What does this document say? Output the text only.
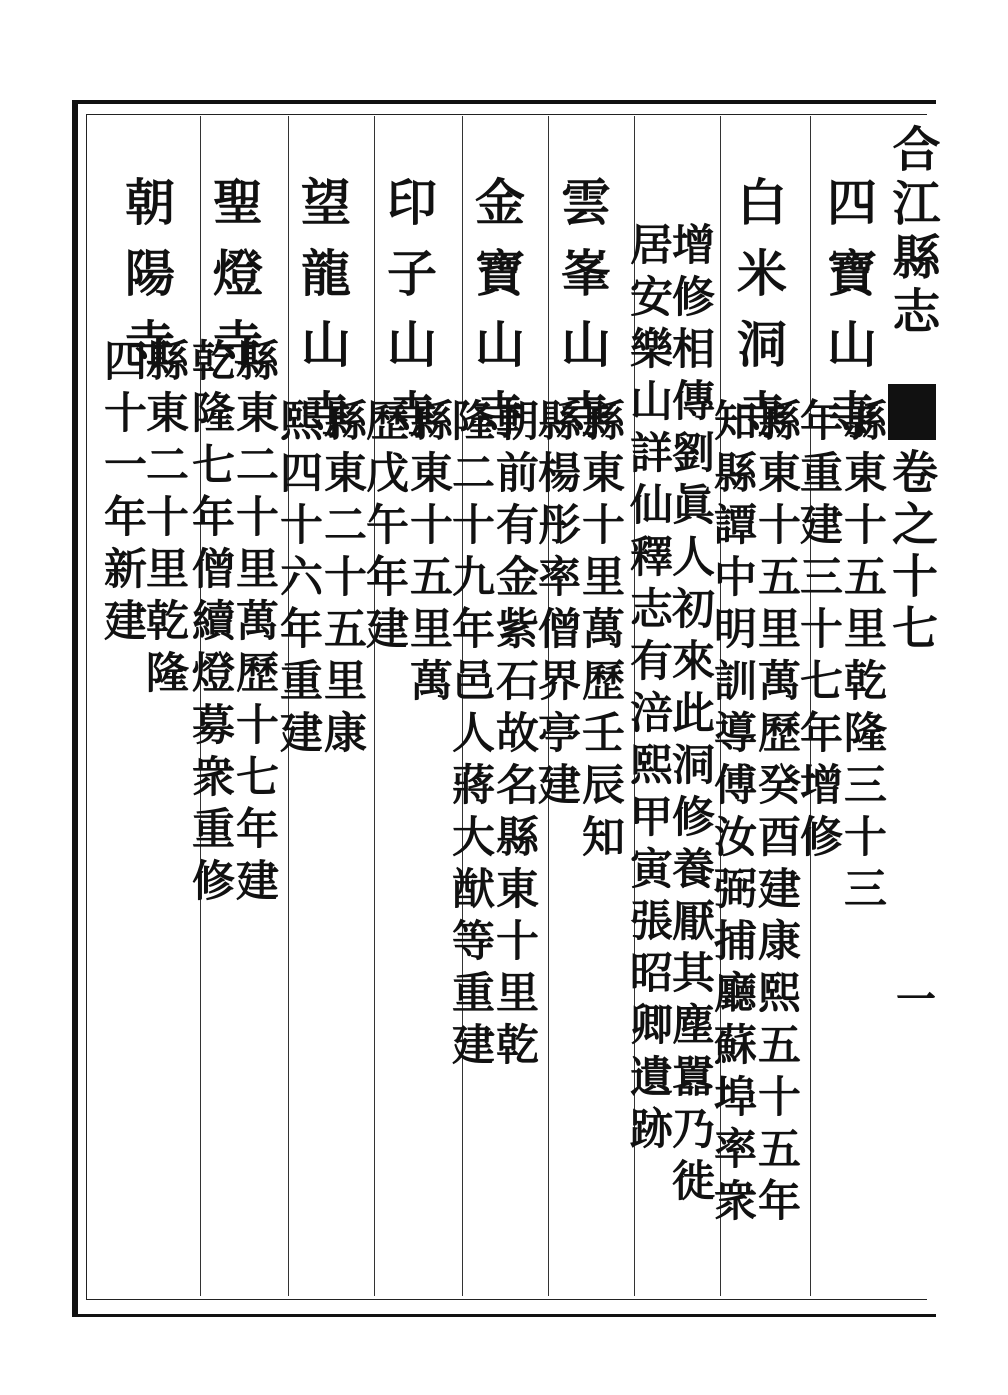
合江縣志
卷之十七
一
四寶山寺
縣東十五里乾隆三十三
年重建三十七年增修
白米洞寺
縣東十五里萬歷癸酉建康熙五十五年
知縣譚中明訓導傅汝弼捕廳蘇埠率衆
增修相傳劉眞人初來此洞修養厭其塵囂乃徙
居安樂山詳仙釋志有涪熙甲寅張昭卿遺跡
雲峯山寺
縣東十里萬歷壬辰知
縣楊彤率僧界亭建
金寶山寺
朝前有金紫石故名縣東十里乾
隆二十九年邑人蔣大猷等重建
印子山寺
縣東十五里萬
歷戊午年建
望龍山寺
縣東二十五里康
熙四十六年重建
聖燈寺
縣東二十里萬歷十七年建
乾隆七年僧續燈募衆重修
朝陽寺
縣東二十里乾隆
四十一年新建
